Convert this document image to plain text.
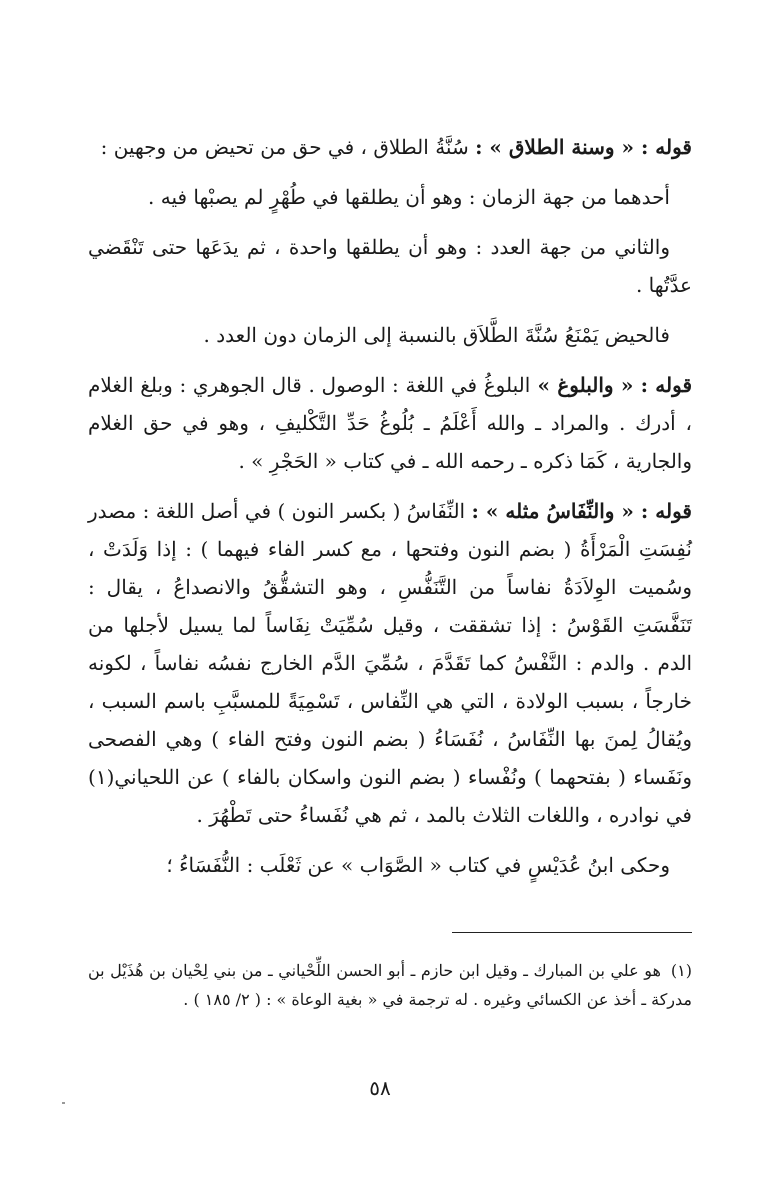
قوله : « وسنة الطلاق » : سُنَّةُ الطلاق ، في حق من تحيض من وجهين :

أحدهما من جهة الزمان : وهو أن يطلقها في طُهْرٍ لم يصبْها فيه .

والثاني من جهة العدد : وهو أن يطلقها واحدة ، ثم يدَعَها حتى تَنْقَضي عدَّتُها .

فالحيض يَمْنَعُ سُنَّةَ الطَّلاَق بالنسبة إلى الزمان دون العدد .

قوله : « والبلوغ » البلوغُ في اللغة : الوصول . قال الجوهري : وبلغ الغلام ، أدرك . والمراد ـ والله أَعْلَمُ ـ بُلُوغُ حَدِّ التَّكْليفِ ، وهو في حق الغلام والجارية ، كَمَا ذكره ـ رحمه الله ـ في كتاب « الحَجْرِ » .

قوله : « والنِّفَاسُ مثله » : النِّفَاسُ ( بكسر النون ) في أصل اللغة : مصدر نُفِسَتِ الْمَرْأَةُ ( بضم النون وفتحها ، مع كسر الفاء فيهما ) : إذا وَلَدَتْ ، وسُميت الوِلاَدَةُ نفاساً من التَّنَفُّسِ ، وهو التشقُّقُ والانصداعُ ، يقال : تَنَفَّسَتِ القَوْسُ : إذا تشققت ، وقيل سُمِّيَتْ نِفَاساً لما يسيل لأجلها من الدم . والدم : النَّفْسُ كما تَقَدَّمَ ، سُمِّيَ الدَّم الخارج نفسُه نفاساً ، لكونه خارجاً ، بسبب الولادة ، التي هي النِّفاس ، تَسْمِيَةً للمسبَّبِ باسم السبب ، ويُقالُ لِمنَ بها النِّفَاسُ ، نُفَسَاءُ ( بضم النون وفتح الفاء ) وهي الفصحى ونَفَساء ( بفتحهما ) ونُفْساء ( بضم النون واسكان بالفاء ) عن اللحياني(١) في نوادره ، واللغات الثلاث بالمد ، ثم هي نُفَساءُ حتى تَطْهُرَ .

وحكى ابنُ عُدَيْسٍ في كتاب « الصَّوَاب » عن ثَعْلَب : النُّفَسَاءُ ؛

(١)هو علي بن المبارك ـ وقيل ابن حازم ـ أبو الحسن اللِّحْياني ـ من بني لِحْيان بن هُذَيْل بن مدركة ـ أخذ عن الكسائي وغيره . له ترجمة في « بغية الوعاة » : ( ٢/ ١٨٥ ) .
٥٨
